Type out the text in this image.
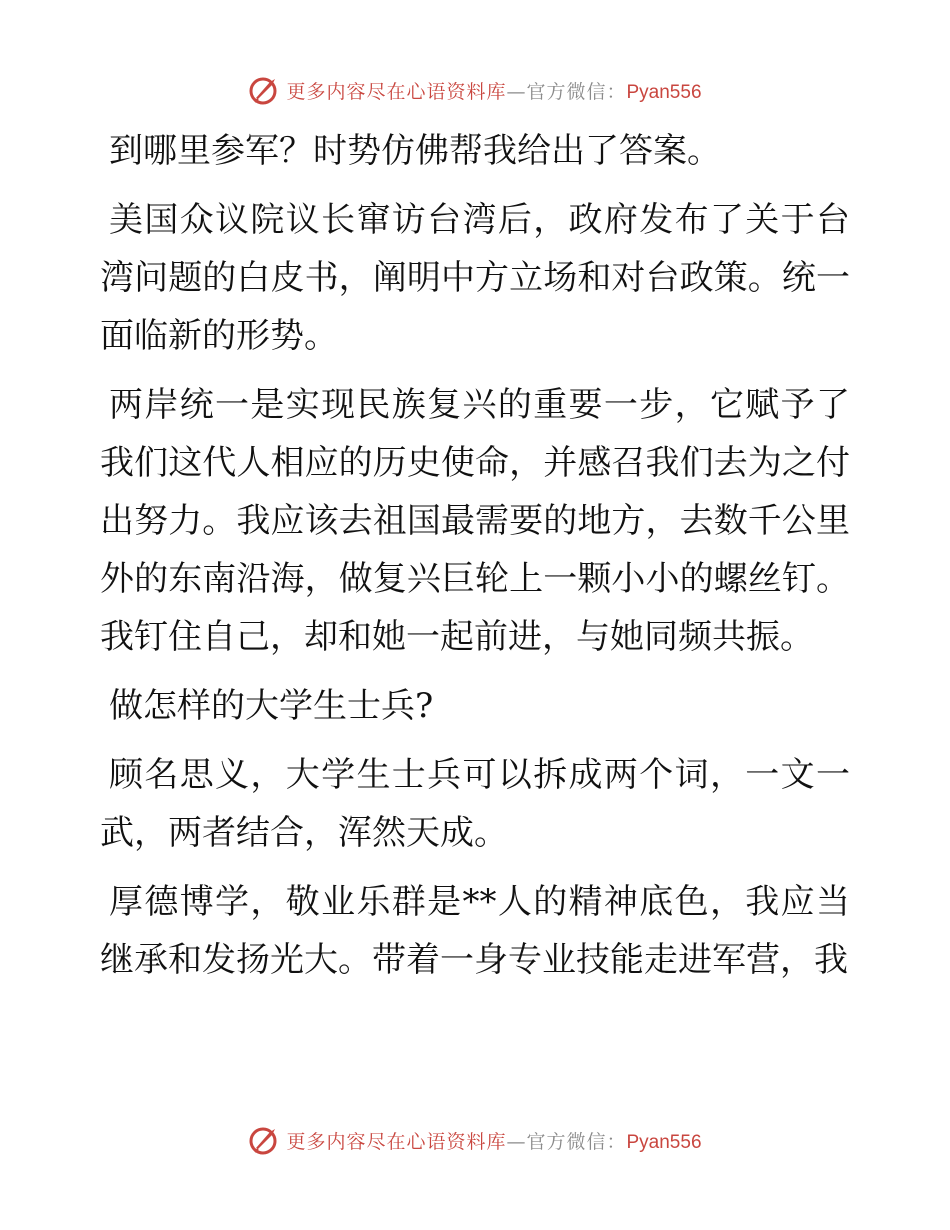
更多内容尽在心语资料库—官方微信：Pyan556

到哪里参军？时势仿佛帮我给出了答案。

美国众议院议长窜访台湾后，政府发布了关于台湾问题的白皮书，阐明中方立场和对台政策。统一面临新的形势。

两岸统一是实现民族复兴的重要一步，它赋予了我们这代人相应的历史使命，并感召我们去为之付出努力。我应该去祖国最需要的地方，去数千公里外的东南沿海，做复兴巨轮上一颗小小的螺丝钉。我钉住自己，却和她一起前进，与她同频共振。

做怎样的大学生士兵?

顾名思义，大学生士兵可以拆成两个词，一文一武，两者结合，浑然天成。

厚德博学，敬业乐群是**人的精神底色，我应当继承和发扬光大。带着一身专业技能走进军营，我

更多内容尽在心语资料库—官方微信：Pyan556
